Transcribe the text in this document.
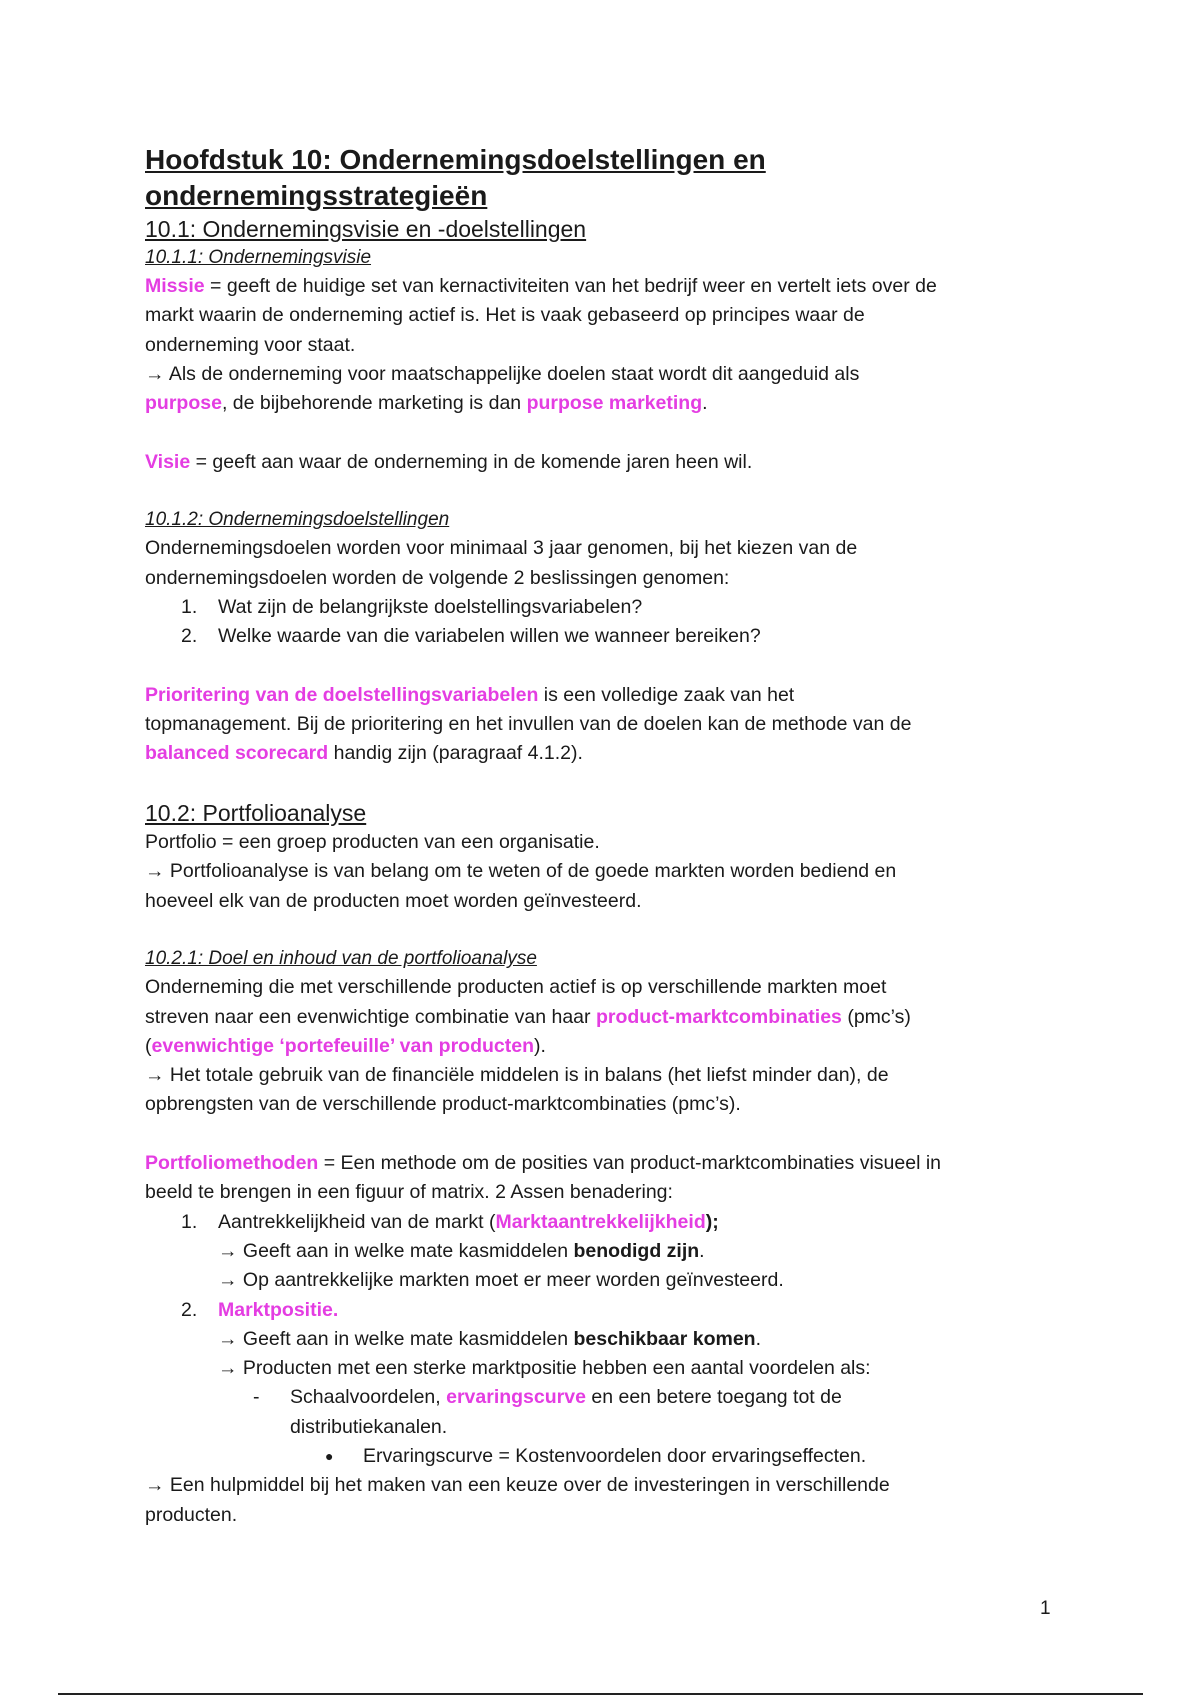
Hoofdstuk 10: Ondernemingsdoelstellingen en
ondernemingsstrategieën
10.1: Ondernemingsvisie en -doelstellingen
10.1.1: Ondernemingsvisie
Missie = geeft de huidige set van kernactiviteiten van het bedrijf weer en vertelt iets over de
markt waarin de onderneming actief is. Het is vaak gebaseerd op principes waar de
onderneming voor staat.
→ Als de onderneming voor maatschappelijke doelen staat wordt dit aangeduid als
purpose, de bijbehorende marketing is dan purpose marketing.
Visie = geeft aan waar de onderneming in de komende jaren heen wil.
10.1.2: Ondernemingsdoelstellingen
Ondernemingsdoelen worden voor minimaal 3 jaar genomen, bij het kiezen van de
ondernemingsdoelen worden de volgende 2 beslissingen genomen:
1. Wat zijn de belangrijkste doelstellingsvariabelen?
2. Welke waarde van die variabelen willen we wanneer bereiken?
Prioritering van de doelstellingsvariabelen is een volledige zaak van het
topmanagement. Bij de prioritering en het invullen van de doelen kan de methode van de
balanced scorecard handig zijn (paragraaf 4.1.2).
10.2: Portfolioanalyse
Portfolio = een groep producten van een organisatie.
→ Portfolioanalyse is van belang om te weten of de goede markten worden bediend en
hoeveel elk van de producten moet worden geïnvesteerd.
10.2.1: Doel en inhoud van de portfolioanalyse
Onderneming die met verschillende producten actief is op verschillende markten moet
streven naar een evenwichtige combinatie van haar product-marktcombinaties (pmc’s)
(evenwichtige ‘portefeuille’ van producten).
→ Het totale gebruik van de financiële middelen is in balans (het liefst minder dan), de
opbrengsten van de verschillende product-marktcombinaties (pmc’s).
Portfoliomethoden = Een methode om de posities van product-marktcombinaties visueel in
beeld te brengen in een figuur of matrix. 2 Assen benadering:
1. Aantrekkelijkheid van de markt (Marktaantrekkelijkheid);
→ Geeft aan in welke mate kasmiddelen benodigd zijn.
→ Op aantrekkelijke markten moet er meer worden geïnvesteerd.
2. Marktpositie.
→ Geeft aan in welke mate kasmiddelen beschikbaar komen.
→ Producten met een sterke marktpositie hebben een aantal voordelen als:
- Schaalvoordelen, ervaringscurve en een betere toegang tot de
distributiekanalen.
● Ervaringscurve = Kostenvoordelen door ervaringseffecten.
→ Een hulpmiddel bij het maken van een keuze over de investeringen in verschillende
producten.
1
